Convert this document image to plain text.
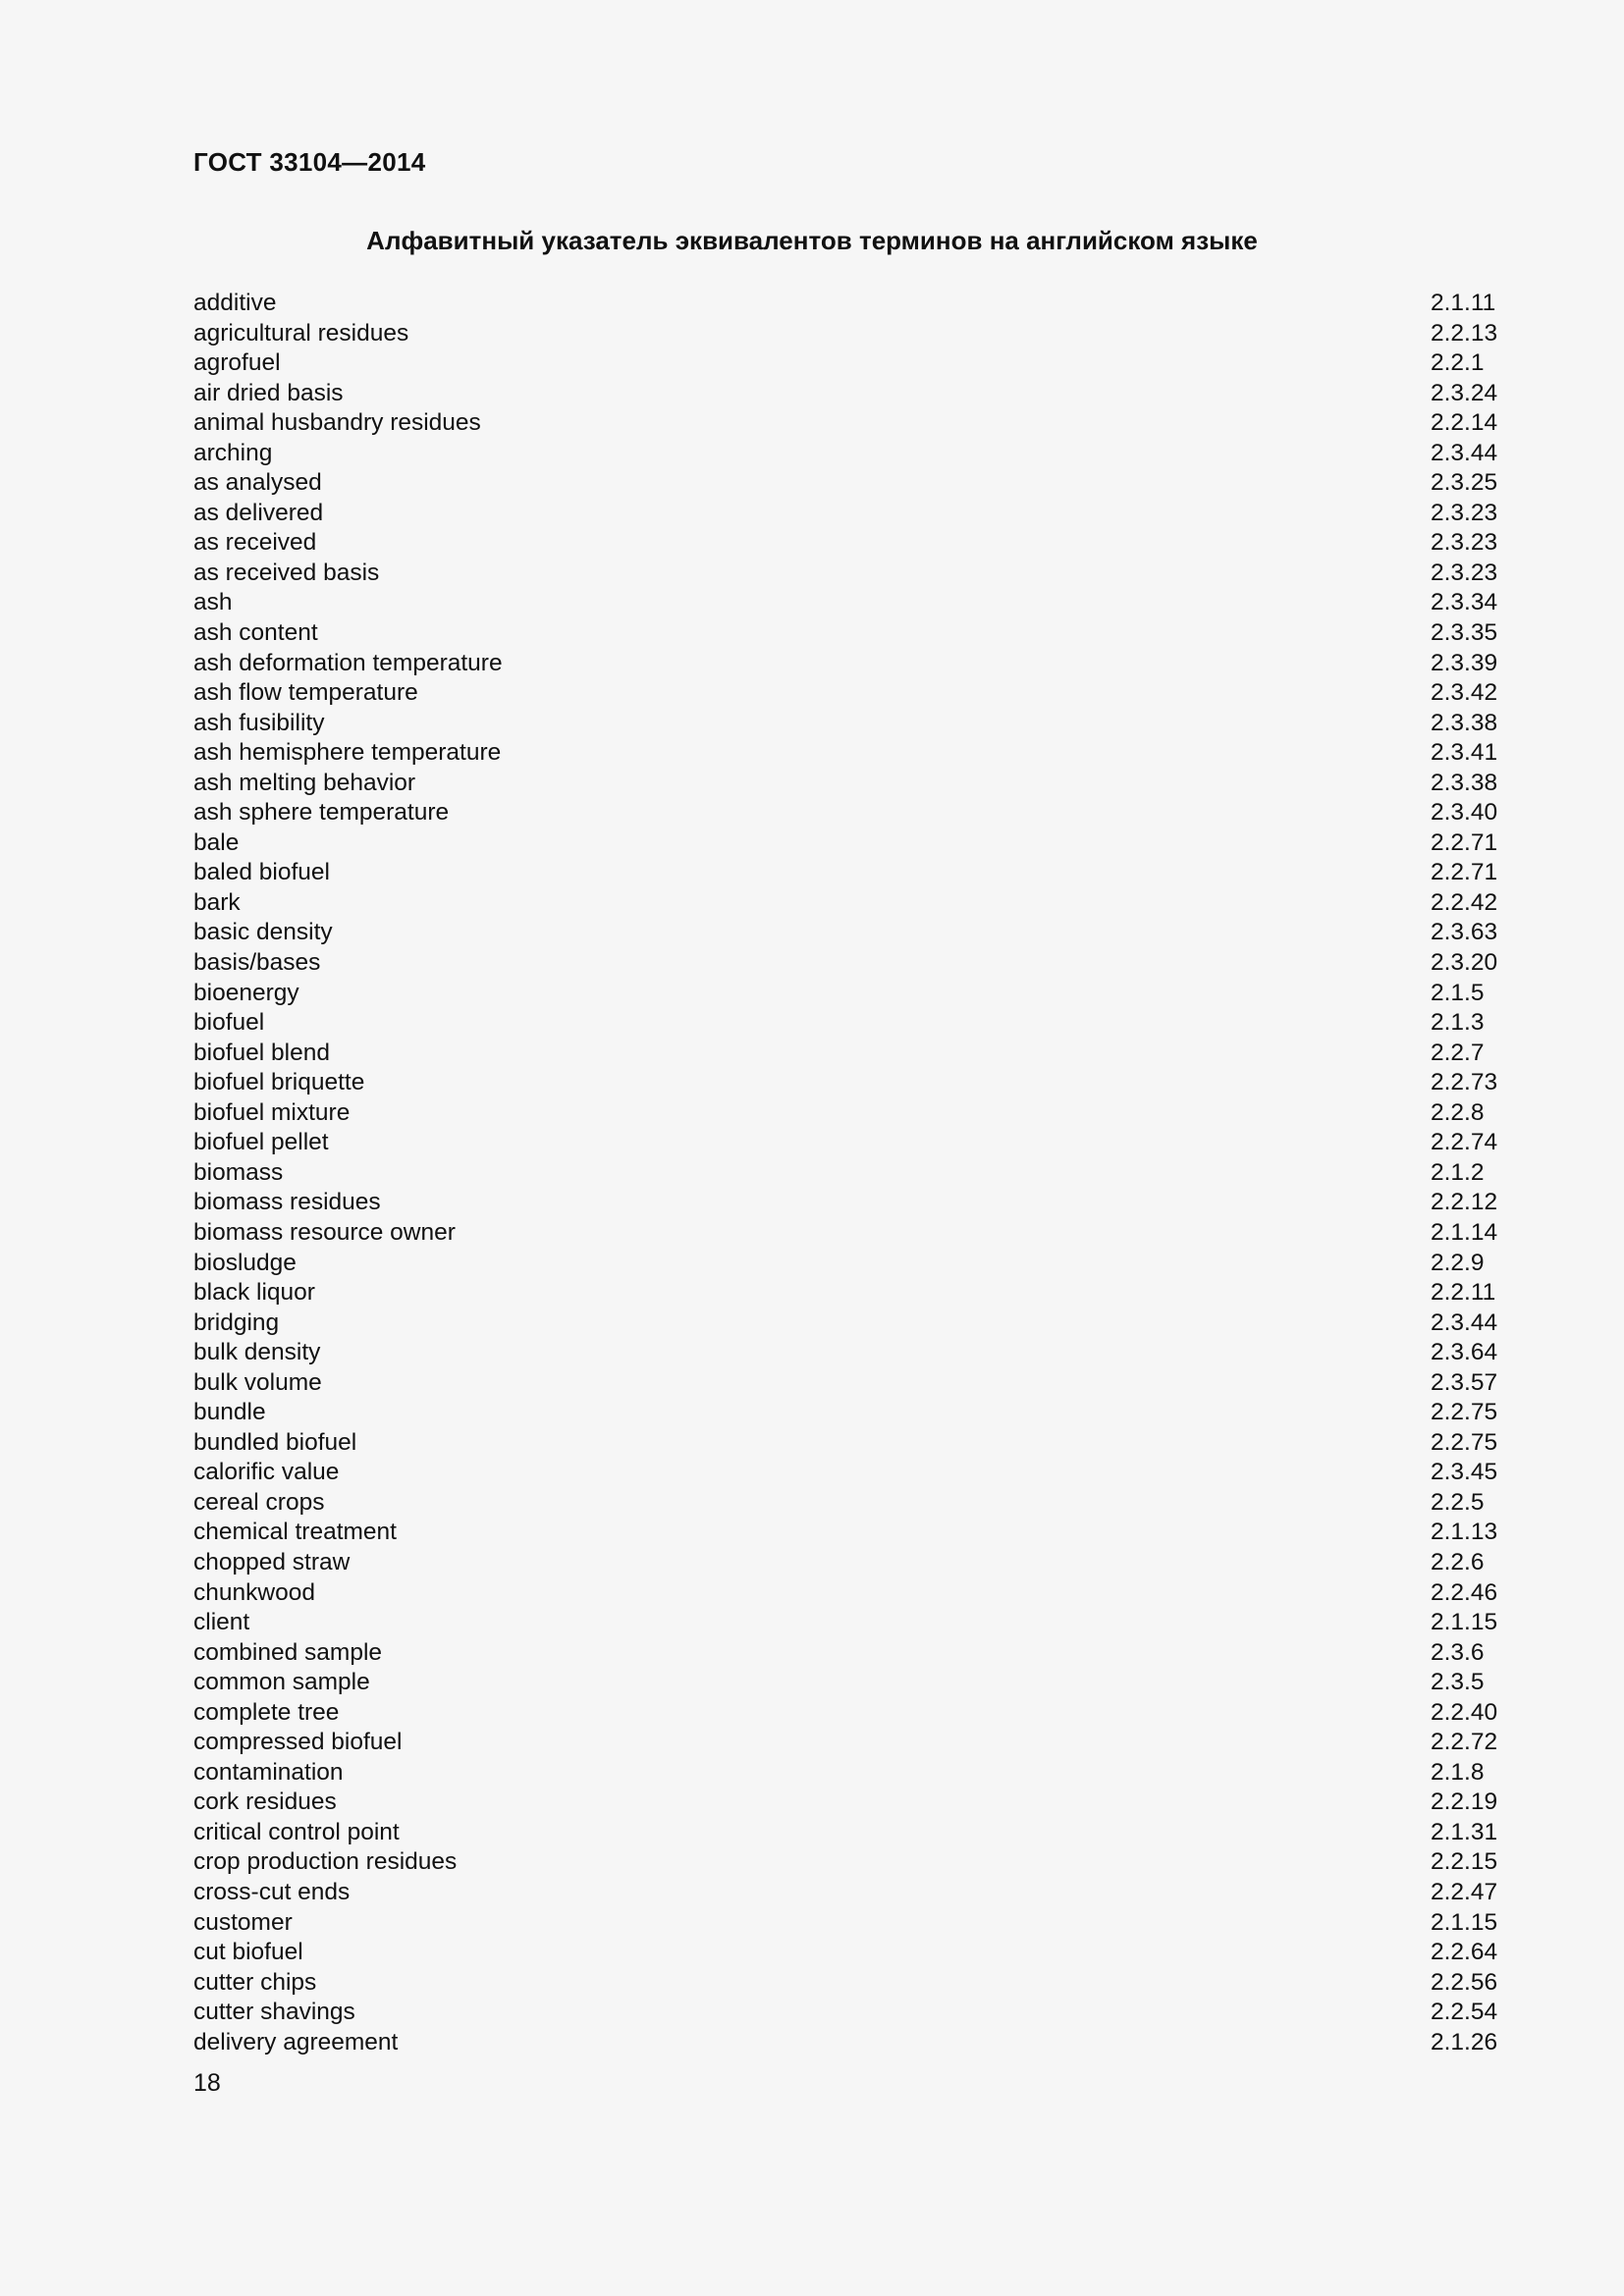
ГОСТ 33104—2014
Алфавитный указатель эквивалентов терминов на английском языке
additive	2.1.11
agricultural residues	2.2.13
agrofuel	2.2.1
air dried basis	2.3.24
animal husbandry residues	2.2.14
arching	2.3.44
as analysed	2.3.25
as delivered	2.3.23
as received	2.3.23
as received basis	2.3.23
ash	2.3.34
ash content	2.3.35
ash deformation temperature	2.3.39
ash flow temperature	2.3.42
ash fusibility	2.3.38
ash hemisphere temperature	2.3.41
ash melting behavior	2.3.38
ash sphere temperature	2.3.40
bale	2.2.71
baled biofuel	2.2.71
bark	2.2.42
basic density	2.3.63
basis/bases	2.3.20
bioenergy	2.1.5
biofuel	2.1.3
biofuel blend	2.2.7
biofuel briquette	2.2.73
biofuel mixture	2.2.8
biofuel pellet	2.2.74
biomass	2.1.2
biomass residues	2.2.12
biomass resource owner	2.1.14
biosludge	2.2.9
black liquor	2.2.11
bridging	2.3.44
bulk density	2.3.64
bulk volume	2.3.57
bundle	2.2.75
bundled biofuel	2.2.75
calorific value	2.3.45
cereal crops	2.2.5
chemical treatment	2.1.13
chopped straw	2.2.6
chunkwood	2.2.46
client	2.1.15
combined sample	2.3.6
common sample	2.3.5
complete tree	2.2.40
compressed biofuel	2.2.72
contamination	2.1.8
cork residues	2.2.19
critical control point	2.1.31
crop production residues	2.2.15
cross-cut ends	2.2.47
customer	2.1.15
cut biofuel	2.2.64
cutter chips	2.2.56
cutter shavings	2.2.54
delivery agreement	2.1.26
18
